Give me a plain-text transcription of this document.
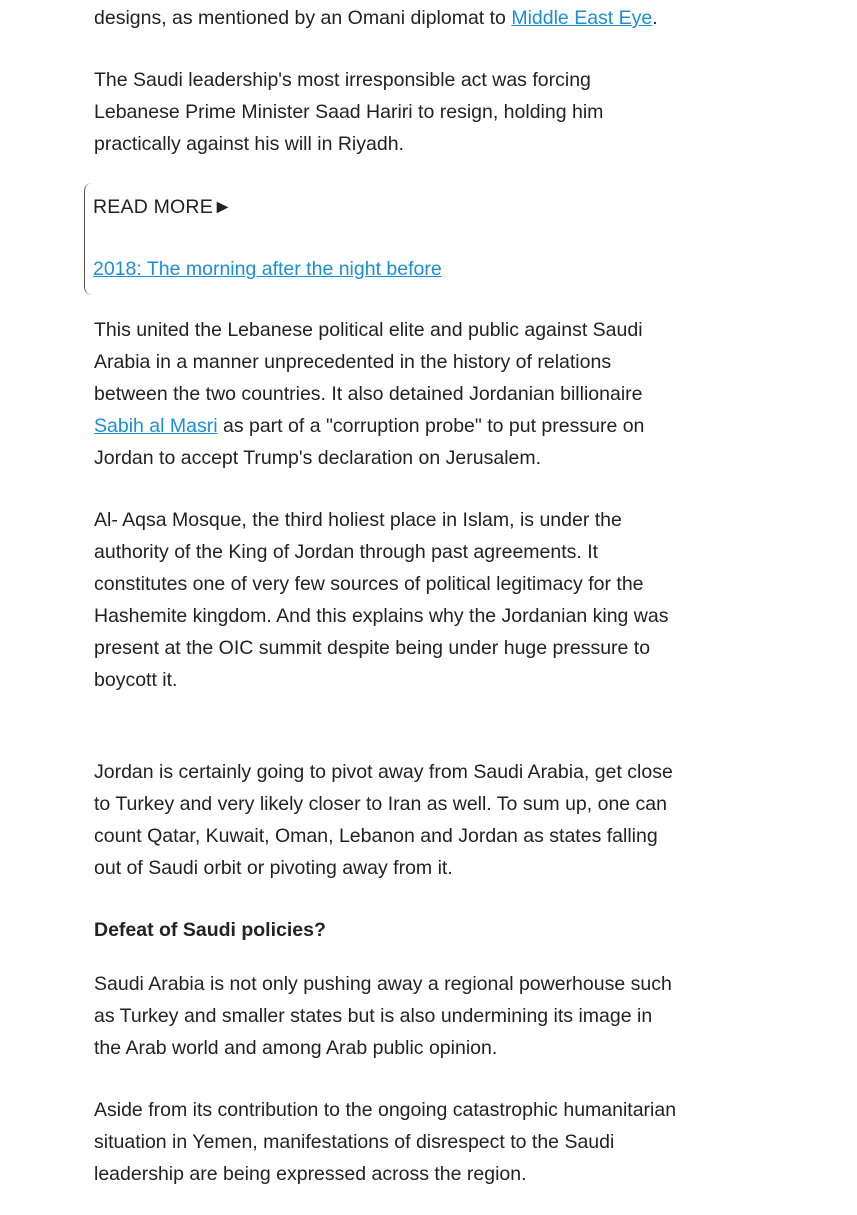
designs, as mentioned by an Omani diplomat to Middle East Eye.

The Saudi leadership's most irresponsible act was forcing
Lebanese Prime Minister Saad Hariri to resign, holding him
practically against his will in Riyadh.

READ MORE►
2018: The morning after the night before

This united the Lebanese political elite and public against Saudi
Arabia in a manner unprecedented in the history of relations
between the two countries. It also detained Jordanian billionaire
Sabih al Masri as part of a "corruption probe" to put pressure on
Jordan to accept Trump's declaration on Jerusalem.

Al- Aqsa Mosque, the third holiest place in Islam, is under the
authority of the King of Jordan through past agreements. It
constitutes one of very few sources of political legitimacy for the
Hashemite kingdom. And this explains why the Jordanian king was
present at the OIC summit despite being under huge pressure to
boycott it.

Jordan is certainly going to pivot away from Saudi Arabia, get close
to Turkey and very likely closer to Iran as well. To sum up, one can
count Qatar, Kuwait, Oman, Lebanon and Jordan as states falling
out of Saudi orbit or pivoting away from it.

Defeat of Saudi policies?

Saudi Arabia is not only pushing away a regional powerhouse such
as Turkey and smaller states but is also undermining its image in
the Arab world and among Arab public opinion.

Aside from its contribution to the ongoing catastrophic humanitarian
situation in Yemen, manifestations of disrespect to the Saudi
leadership are being expressed across the region.
